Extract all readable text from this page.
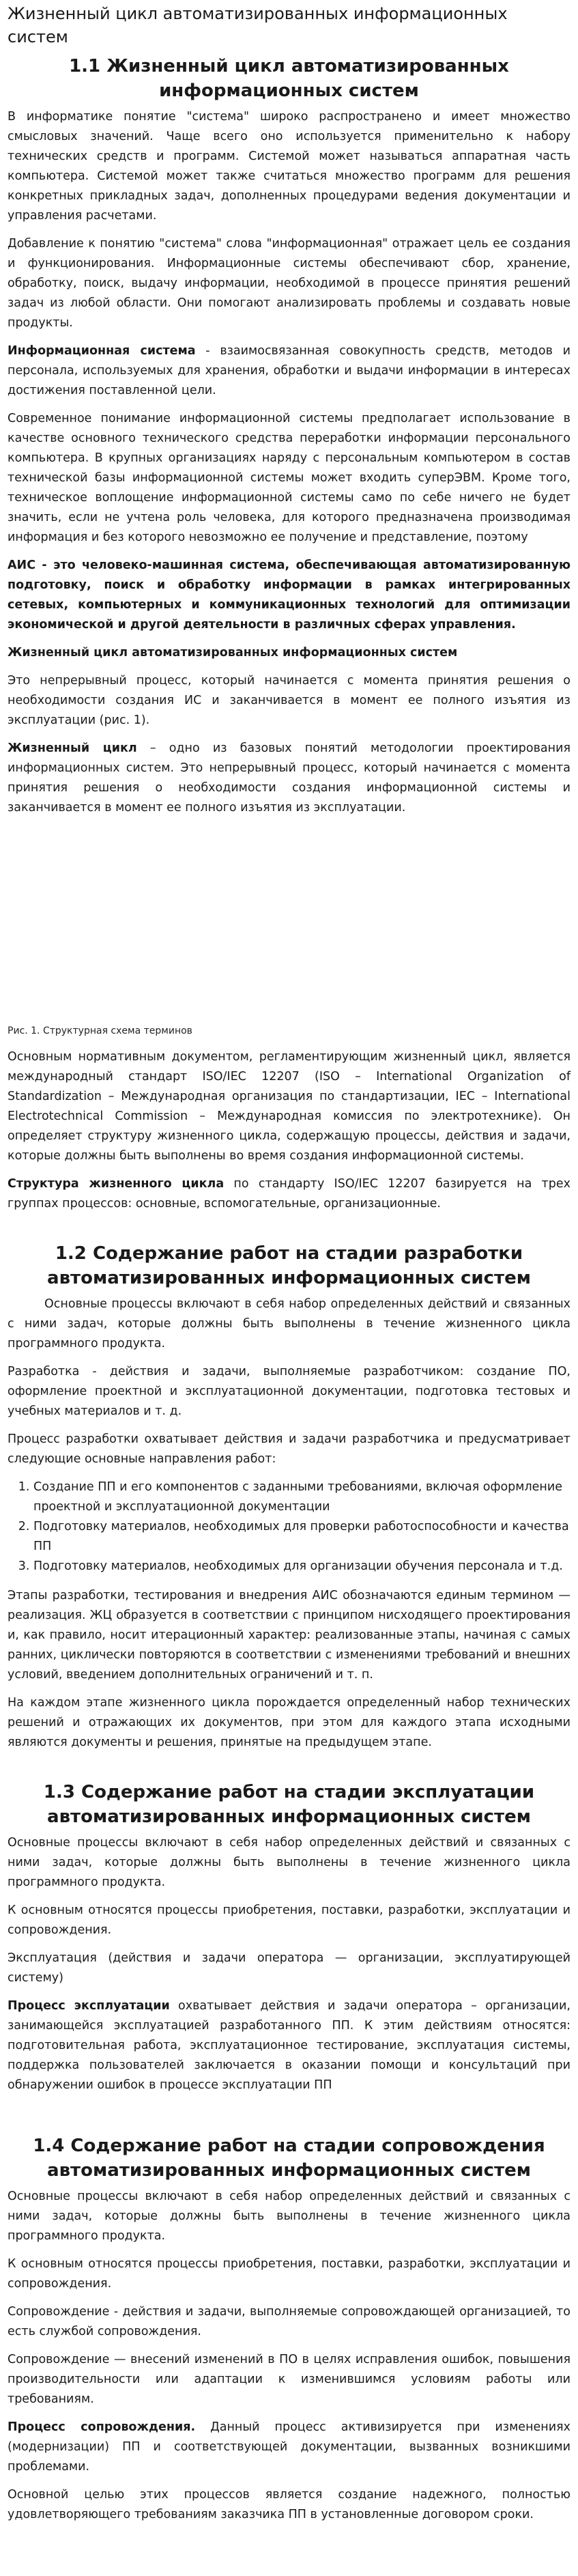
Жизненный цикл автоматизированных информационных систем
1.1 Жизненный цикл автоматизированных информационных систем

В информатике понятие "система" широко распространено и имеет множество смысловых значений. Чаще всего оно используется применительно к набору технических средств и программ. Системой может называться аппаратная часть компьютера. Системой может также считаться множество программ для решения конкретных прикладных задач, дополненных процедурами ведения документации и управления расчетами.

Добавление к понятию "система" слова "информационная" отражает цель ее создания и функционирования. Информационные системы обеспечивают сбор, хранение, обработку, поиск, выдачу информации, необходимой в процессе принятия решений задач из любой области. Они помогают анализировать проблемы и создавать новые продукты.

Информационная система - взаимосвязанная совокупность средств, методов и персонала, используемых для хранения, обработки и выдачи информации в интересах достижения поставленной цели.

Современное понимание информационной системы предполагает использование в качестве основного технического средства переработки информации персонального компьютера. В крупных организациях наряду с персональным компьютером в состав технической базы информационной системы может входить суперЭВМ. Кроме того, техническое воплощение информационной системы само по себе ничего не будет значить, если не учтена роль человека, для которого предназначена производимая информация и без которого невозможно ее получение и представление, поэтому

АИС - это человеко-машинная система, обеспечивающая автоматизированную подготовку, поиск и обработку информации в рамках интегрированных сетевых, компьютерных и коммуникационных технологий для оптимизации экономической и другой деятельности в различных сферах управления.

Жизненный цикл автоматизированных информационных систем

Это непрерывный процесс, который начинается с момента принятия решения о необходимости создания ИС и заканчивается в момент ее полного изъятия из эксплуатации (рис. 1).

Жизненный цикл – одно из базовых понятий методологии проектирования информационных систем. Это непрерывный процесс, который начинается с момента принятия решения о необходимости создания информационной системы и заканчивается в момент ее полного изъятия из эксплуатации.

Рис. 1. Структурная схема терминов

Основным нормативным документом, регламентирующим жизненный цикл, является международный стандарт ISO/IEC 12207 (ISO – International Organization of Standardization – Международная организация по стандартизации, IEC – International Electrotechnical Commission – Международная комиссия по электротехнике). Он определяет структуру жизненного цикла, содержащую процессы, действия и задачи, которые должны быть выполнены во время создания информационной системы.

Структура жизненного цикла по стандарту ISO/IEC 12207 базируется на трех группах процессов: основные, вспомогательные, организационные.

1.2 Содержание работ на стадии разработки автоматизированных информационных систем

Основные процессы включают в себя набор определенных действий и связанных с ними задач, которые должны быть выполнены в течение жизненного цикла программного продукта.

Разработка - действия и задачи, выполняемые разработчиком: создание ПО, оформление проектной и эксплуатационной документации, подготовка тестовых и учебных материалов и т. д.

Процесс разработки охватывает действия и задачи разработчика и предусматривает следующие основные направления работ:

1. Создание ПП и его компонентов с заданными требованиями, включая оформление проектной и эксплуатационной документации
2. Подготовку материалов, необходимых для проверки работоспособности и качества ПП
3. Подготовку материалов, необходимых для организации обучения персонала и т.д.

Этапы разработки, тестирования и внедрения АИС обозначаются единым термином — реализация. ЖЦ образуется в соответствии с принципом нисходящего проектирования и, как правило, носит итерационный характер: реализованные этапы, начиная с самых ранних, циклически повторяются в соответствии с изменениями требований и внешних условий, введением дополнительных ограничений и т. п.

На каждом этапе жизненного цикла порождается определенный набор технических решений и отражающих их документов, при этом для каждого этапа исходными являются документы и решения, принятые на предыдущем этапе.

1.3 Содержание работ на стадии эксплуатации автоматизированных информационных систем

Основные процессы включают в себя набор определенных действий и связанных с ними задач, которые должны быть выполнены в течение жизненного цикла программного продукта.

К основным относятся процессы приобретения, поставки, разработки, эксплуатации и сопровождения.

Эксплуатация (действия и задачи оператора — организации, эксплуатирующей систему)

Процесс эксплуатации охватывает действия и задачи оператора – организации, занимающейся эксплуатацией разработанного ПП. К этим действиям относятся: подготовительная работа, эксплуатационное тестирование, эксплуатация системы, поддержка пользователей заключается в оказании помощи и консультаций при обнаружении ошибок в процессе эксплуатации ПП

1.4 Содержание работ на стадии сопровождения автоматизированных информационных систем

Основные процессы включают в себя набор определенных действий и связанных с ними задач, которые должны быть выполнены в течение жизненного цикла программного продукта.

К основным относятся процессы приобретения, поставки, разработки, эксплуатации и сопровождения.

Сопровождение - действия и задачи, выполняемые сопровождающей организацией, то есть службой сопровождения.

Сопровождение — внесений изменений в ПО в целях исправления ошибок, повышения производительности или адаптации к изменившимся условиям работы или требованиям.

Процесс сопровождения. Данный процесс активизируется при изменениях (модернизации) ПП и соответствующей документации, вызванных возникшими проблемами.

Основной целью этих процессов является создание надежного, полностью удовлетворяющего требованиям заказчика ПП в установленные договором сроки.
